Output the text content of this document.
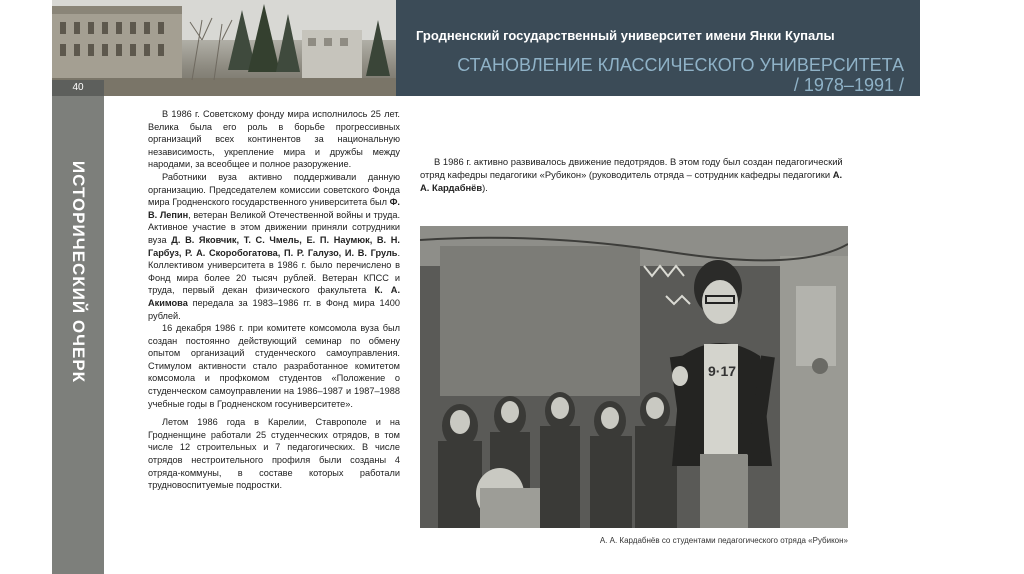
Гродненский государственный университет имени Янки Купалы
СТАНОВЛЕНИЕ КЛАССИЧЕСКОГО УНИВЕРСИТЕТА
/ 1978–1991 /
40
ИСТОРИЧЕСКИЙ ОЧЕРК

В 1986 г. Советскому фонду мира исполнилось 25 лет. Велика была его роль в борьбе прогрессивных организаций всех континентов за национальную независимость, укрепление мира и дружбы между народами, за всеобщее и полное разоружение.

Работники вуза активно поддерживали данную организацию. Председателем комиссии советского Фонда мира Гродненского государственного университета был Ф. В. Лепин, ветеран Великой Отечественной войны и труда. Активное участие в этом движении приняли сотрудники вуза Д. В. Яковчик, Т. С. Чмель, Е. П. Наумюк, В. Н. Гарбуз, Р. А. Скоробогатова, П. Р. Галузо, И. В. Груль. Коллективом университета в 1986 г. было перечислено в Фонд мира более 20 тысяч рублей. Ветеран КПСС и труда, первый декан физического факультета К. А. Акимова передала за 1983–1986 гг. в Фонд мира 1400 рублей.

16 декабря 1986 г. при комитете комсомола вуза был создан постоянно действующий семинар по обмену опытом организаций студенческого самоуправления. Стимулом активности стало разработанное комитетом комсомола и профкомом студентов «Положение о студенческом самоуправлении на 1986–1987 и 1987–1988 учебные годы в Гродненском госуниверситете».

Летом 1986 года в Карелии, Ставрополе и на Гродненщине работали 25 студенческих отрядов, в том числе 12 строительных и 7 педагогических. В числе отрядов нестроительного профиля были созданы 4 отряда-коммуны, в составе которых работали трудновоспитуемые подростки.

В 1986 г. активно развивалось движение педотрядов. В этом году был создан педагогический отряд кафедры педагогики «Рубикон» (руководитель отряда – сотрудник кафедры педагогики А. А. Кардабнёв).

9·17
А. А. Кардабнёв со студентами педагогического отряда «Рубикон»
